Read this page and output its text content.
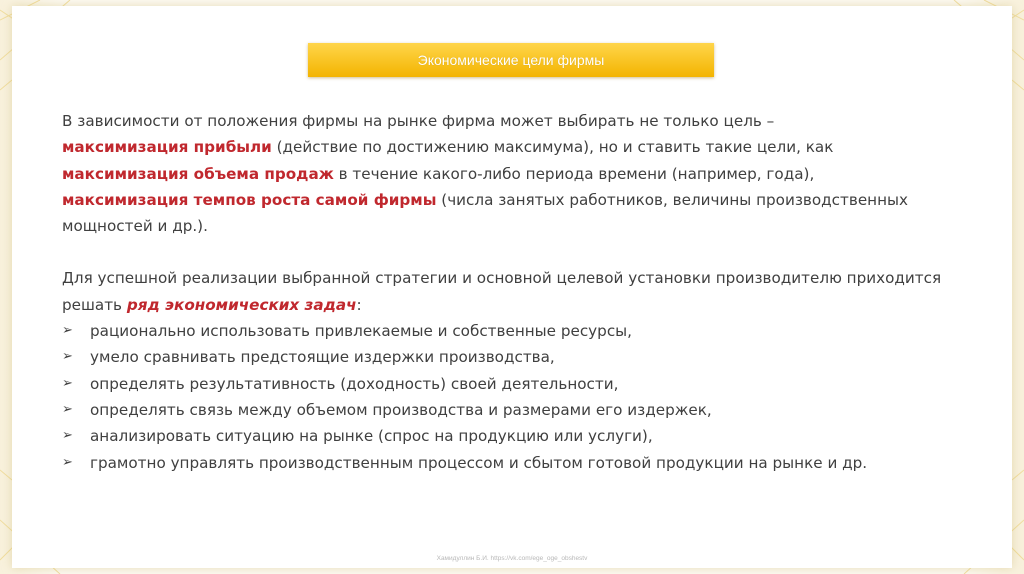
Экономические цели фирмы

В зависимости от положения фирмы на рынке фирма может выбирать не только цель –
максимизация прибыли (действие по достижению максимума), но и ставить такие цели, как
максимизация объема продаж в течение какого-либо периода времени (например, года),
максимизация темпов роста самой фирмы (числа занятых работников, величины производственных мощностей и др.).

Для успешной реализации выбранной стратегии и основной целевой установки производителю приходится решать ряд экономических задач:

➢ рационально использовать привлекаемые и собственные ресурсы,
➢ умело сравнивать предстоящие издержки производства,
➢ определять результативность (доходность) своей деятельности,
➢ определять связь между объемом производства и размерами его издержек,
➢ анализировать ситуацию на рынке (спрос на продукцию или услуги),
➢ грамотно управлять производственным процессом и сбытом готовой продукции на рынке и др.
Хамидуллин Б.И. https://vk.com/ege_oge_obshestv
